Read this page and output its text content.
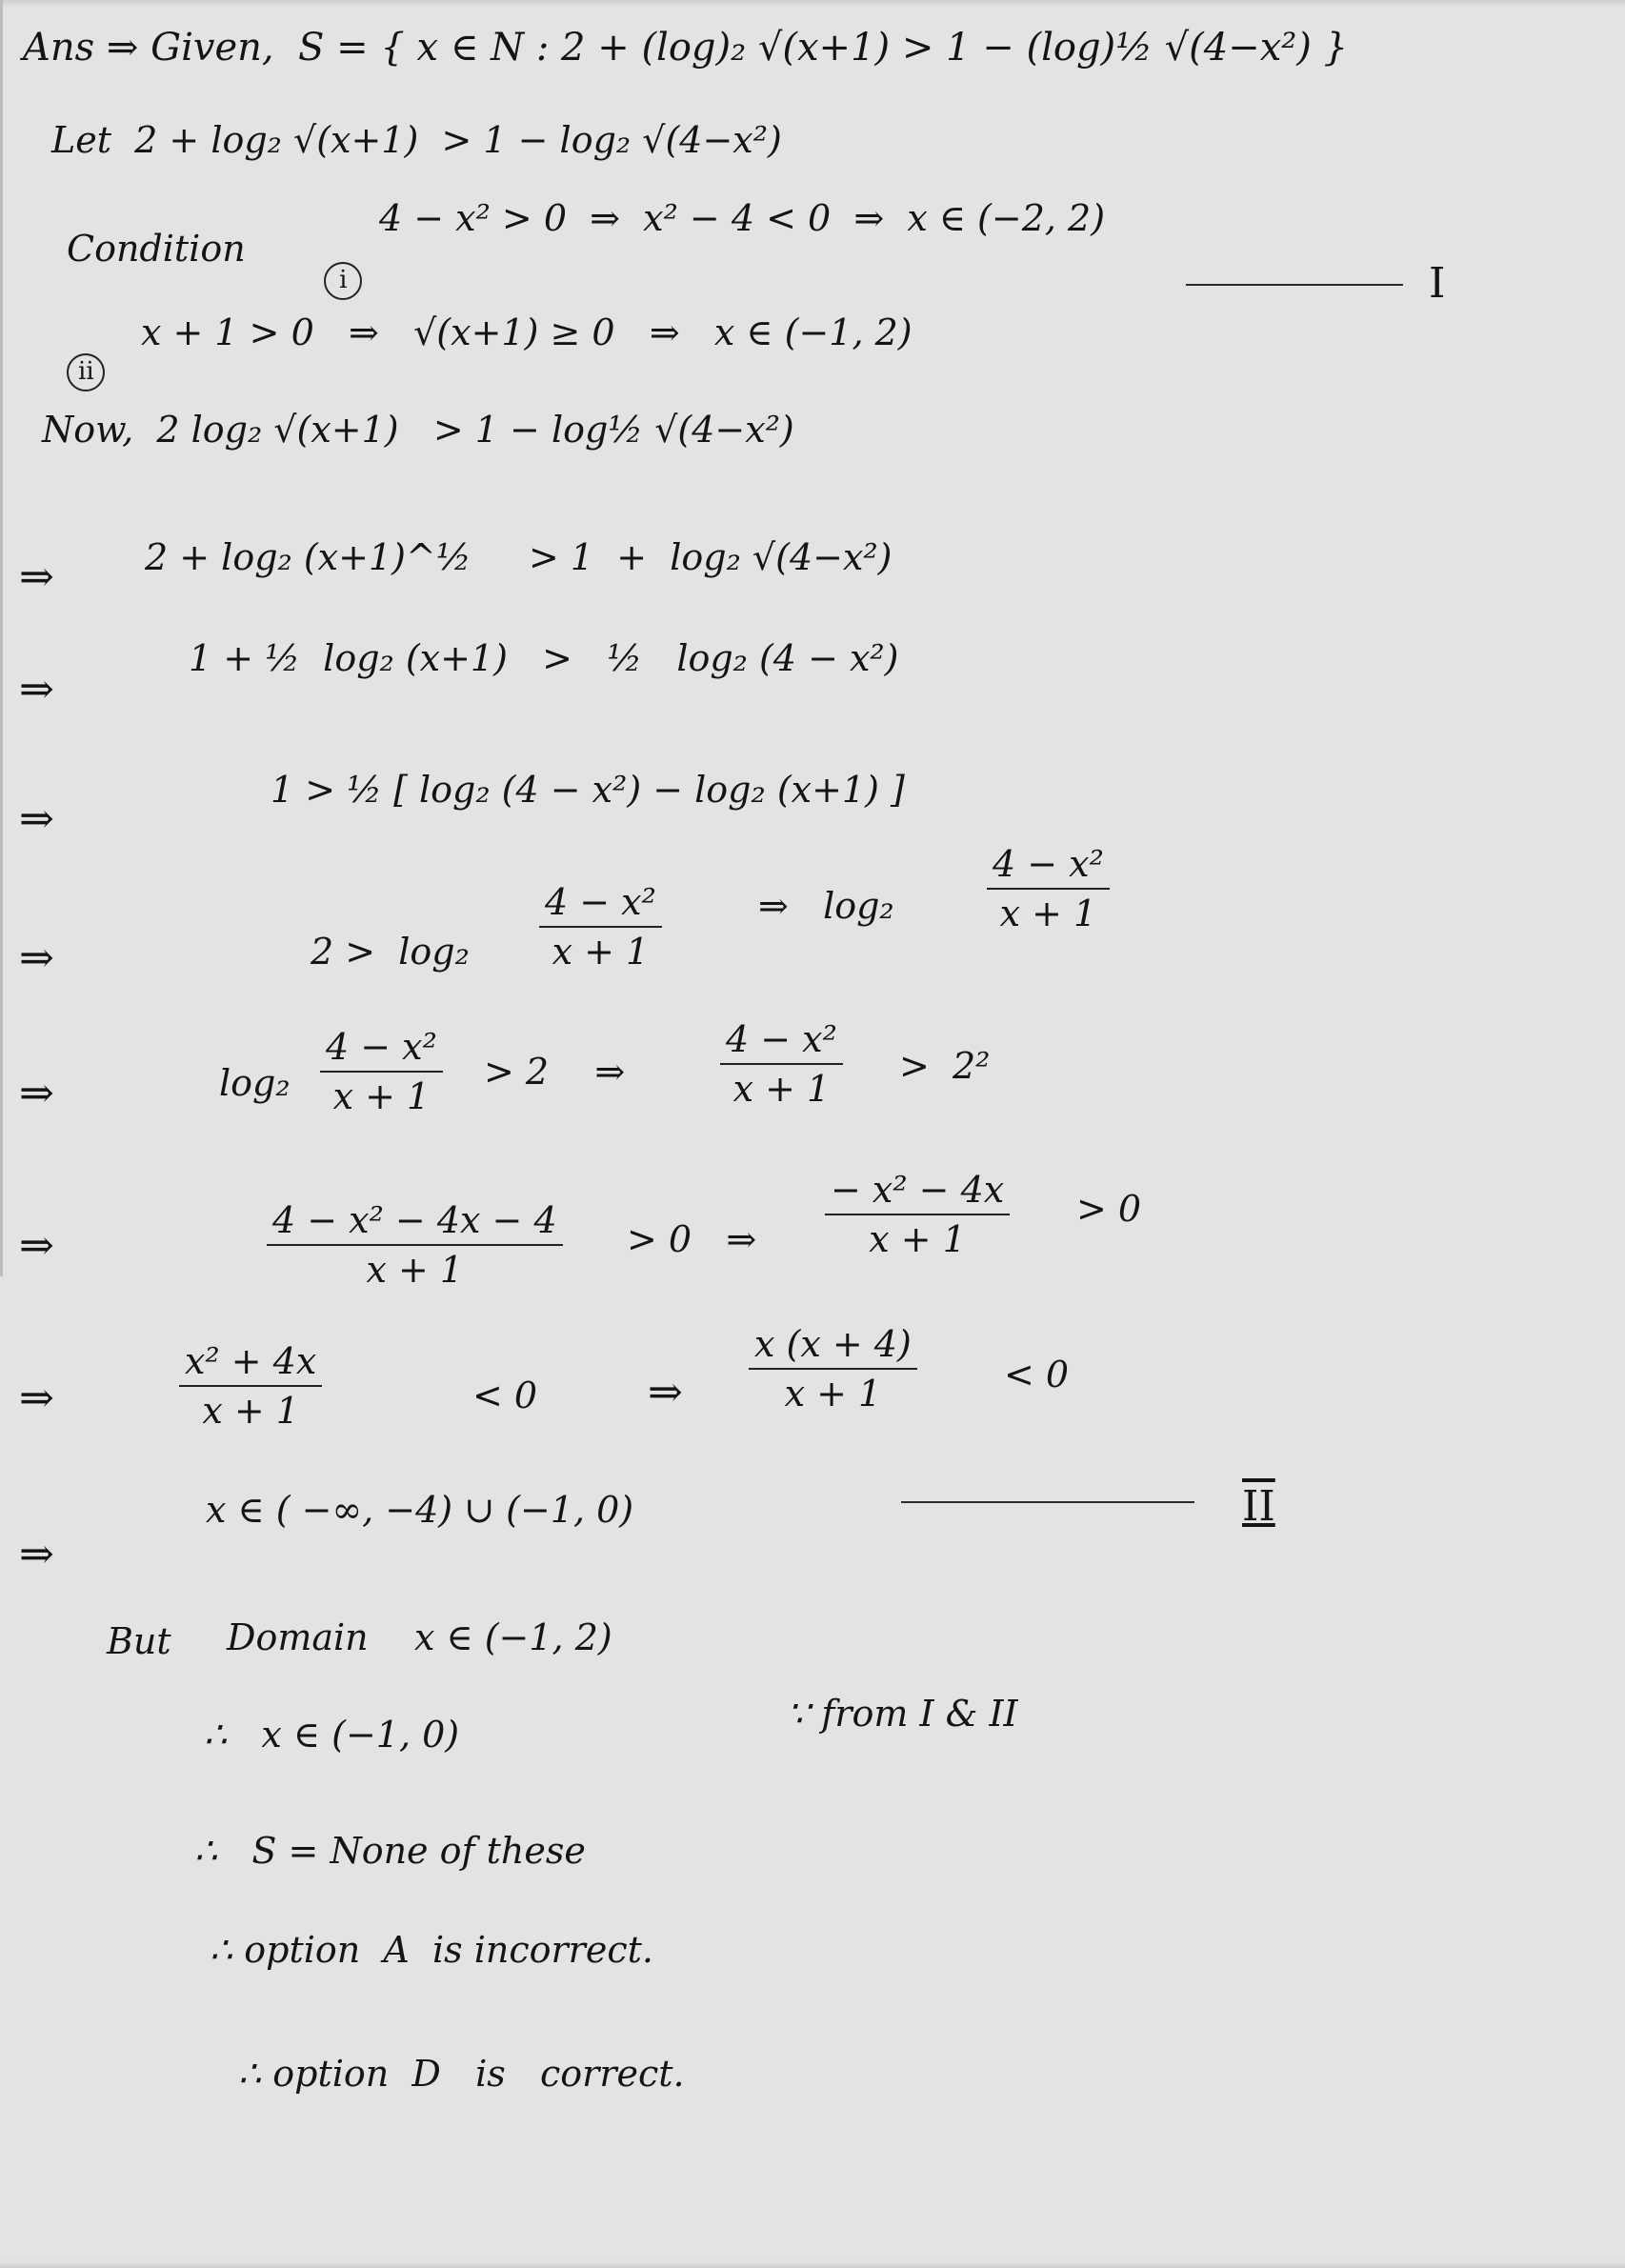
Ans ⇒ Given,  S = { x ∈ N : 2 + (log)₂ √(x+1) > 1 − (log)½ √(4−x²) }
Let  2 + log₂ √(x+1)  > 1 − log₂ √(4−x²)
Condition

i

4 − x² > 0  ⇒  x² − 4 < 0  ⇒  x ∈ (−2, 2)

ii

x + 1 > 0   ⇒   √(x+1) ≥ 0   ⇒   x ∈ (−1, 2)
I
Now,  2 log₂ √(x+1)   > 1 − log½ √(4−x²)
⇒	2 + log₂ (x+1)^½     > 1  +  log₂ √(4−x²)
⇒
1 + ½  log₂ (x+1)   >   ½   log₂ (4 − x²)
⇒
1 > ½ [ log₂ (4 − x²) − log₂ (x+1) ]
⇒	2 >  log₂
4 − x²
x + 1
⇒   log₂
4 − x²
x + 1
⇒	log₂
4 − x²
x + 1
> 2    ⇒
4 − x²
x + 1
>  2²
⇒
4 − x² − 4x − 4
x + 1
> 0   ⇒
− x² − 4x
x + 1
> 0
⇒
x² + 4x
x + 1	< 0	⇒
x (x + 4)
x + 1	< 0
⇒
x ∈ ( −∞, −4) ∪ (−1, 0)	II
But Domain    x ∈ (−1, 2)
∴   x ∈ (−1, 0)	∵ from I & II
∴   S = None of these
∴ option  A  is incorrect.
∴ option  D   is   correct.
